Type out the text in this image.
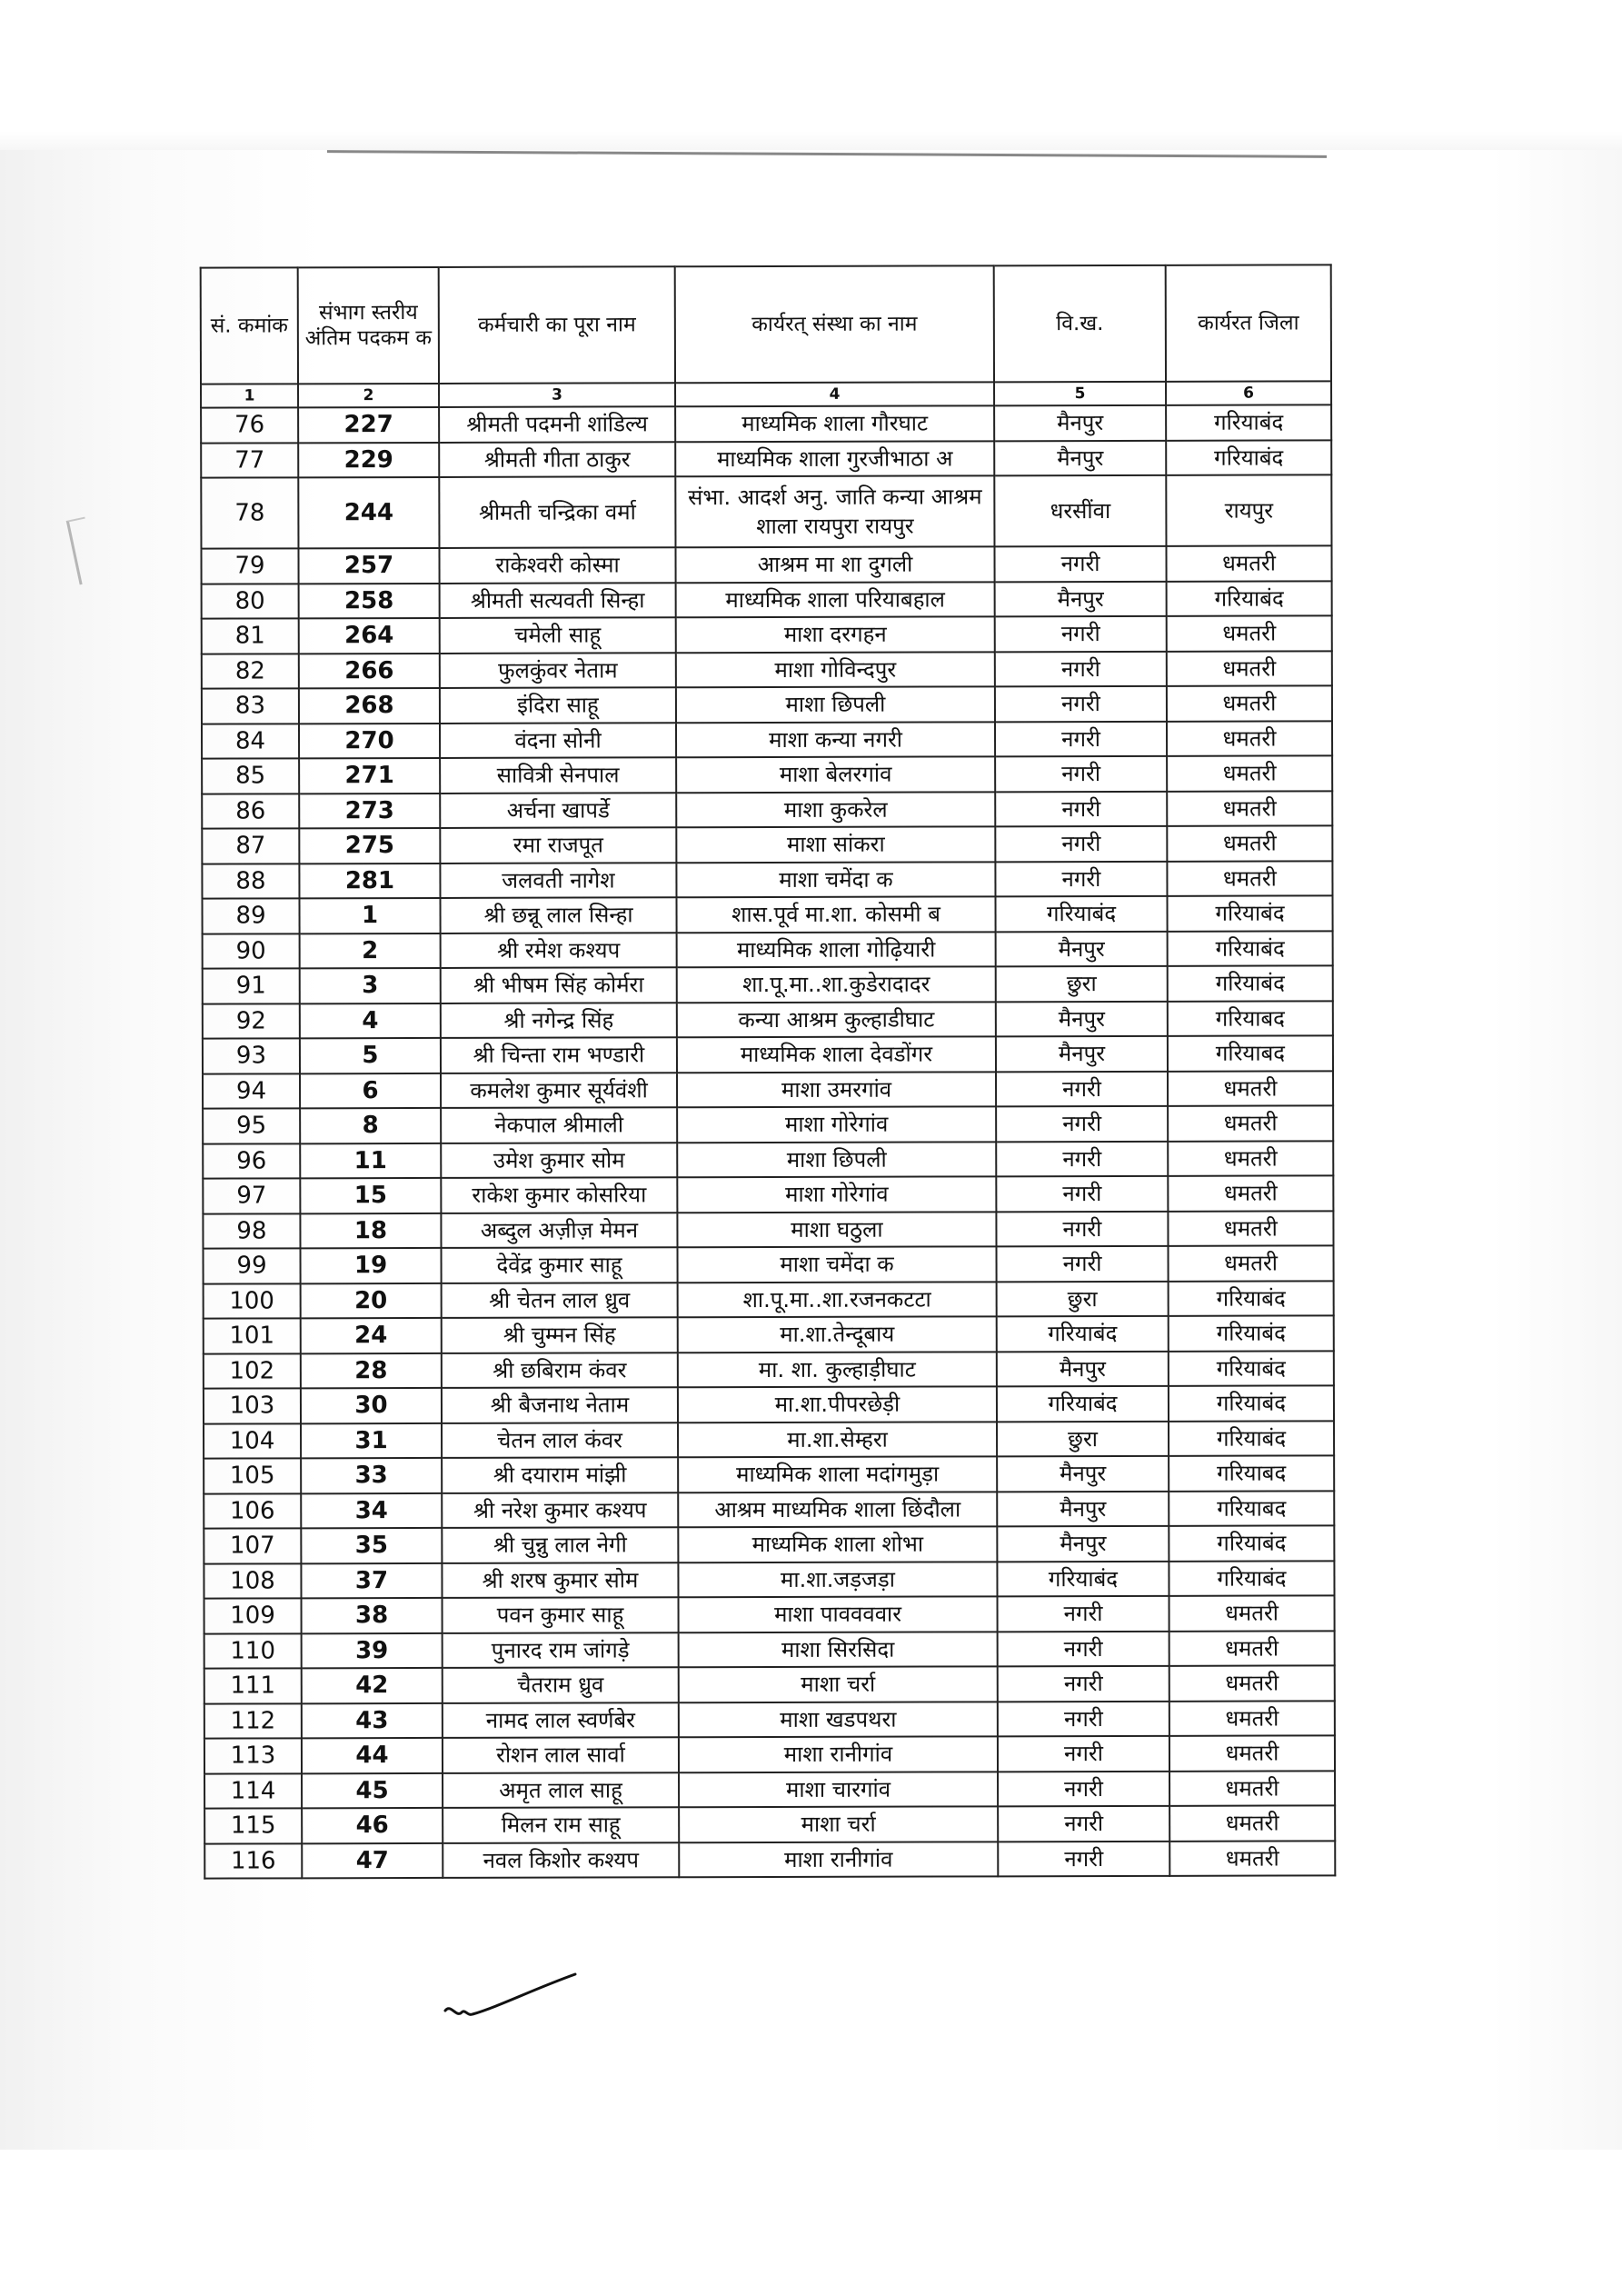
सं. कमांक	संभाग स्तरीय अंतिम पदकम क	कर्मचारी का पूरा नाम	कार्यरत् संस्था का नाम	वि.ख.	कार्यरत जिला
1	2	3	4	5	6
76	227	श्रीमती पदमनी शांडिल्य	माध्यमिक शाला गौरघाट	मैनपुर	गरियाबंद
77	229	श्रीमती गीता ठाकुर	माध्यमिक शाला गुरजीभाठा अ	मैनपुर	गरियाबंद
78	244	श्रीमती चन्द्रिका वर्मा	संभा. आदर्श अनु. जाति कन्या आश्रम शाला रायपुरा रायपुर	धरसींवा	रायपुर
79	257	राकेश्वरी कोस्मा	आश्रम मा शा दुगली	नगरी	धमतरी
80	258	श्रीमती सत्यवती सिन्हा	माध्यमिक शाला परियाबहाल	मैनपुर	गरियाबंद
81	264	चमेली साहू	माशा दरगहन	नगरी	धमतरी
82	266	फुलकुंवर नेताम	माशा गोविन्दपुर	नगरी	धमतरी
83	268	इंदिरा साहू	माशा छिपली	नगरी	धमतरी
84	270	वंदना सोनी	माशा कन्या नगरी	नगरी	धमतरी
85	271	सावित्री सेनपाल	माशा बेलरगांव	नगरी	धमतरी
86	273	अर्चना खापर्डे	माशा कुकरेल	नगरी	धमतरी
87	275	रमा राजपूत	माशा सांकरा	नगरी	धमतरी
88	281	जलवती नागेश	माशा चमेंदा क	नगरी	धमतरी
89	1	श्री छन्नू लाल सिन्हा	शास.पूर्व मा.शा. कोसमी ब	गरियाबंद	गरियाबंद
90	2	श्री रमेश कश्यप	माध्यमिक शाला गोढ़ियारी	मैनपुर	गरियाबंद
91	3	श्री भीषम सिंह कोर्मरा	शा.पू.मा..शा.कुडेरादादर	छुरा	गरियाबंद
92	4	श्री नगेन्द्र सिंह	कन्या आश्रम कुल्हाडीघाट	मैनपुर	गरियाबद
93	5	श्री चिन्ता राम भण्डारी	माध्यमिक शाला देवडोंगर	मैनपुर	गरियाबद
94	6	कमलेश कुमार सूर्यवंशी	माशा उमरगांव	नगरी	धमतरी
95	8	नेकपाल श्रीमाली	माशा गोरेगांव	नगरी	धमतरी
96	11	उमेश कुमार सोम	माशा छिपली	नगरी	धमतरी
97	15	राकेश कुमार कोसरिया	माशा गोरेगांव	नगरी	धमतरी
98	18	अब्दुल अज़ीज़ मेमन	माशा घठुला	नगरी	धमतरी
99	19	देवेंद्र कुमार साहू	माशा चमेंदा क	नगरी	धमतरी
100	20	श्री चेतन लाल ध्रुव	शा.पू.मा..शा.रजनकटटा	छुरा	गरियाबंद
101	24	श्री चुम्मन सिंह	मा.शा.तेन्दूबाय	गरियाबंद	गरियाबंद
102	28	श्री छबिराम कंवर	मा. शा. कुल्हाड़ीघाट	मैनपुर	गरियाबंद
103	30	श्री बैजनाथ नेताम	मा.शा.पीपरछेड़ी	गरियाबंद	गरियाबंद
104	31	चेतन लाल कंवर	मा.शा.सेम्हरा	छुरा	गरियाबंद
105	33	श्री दयाराम मांझी	माध्यमिक शाला मदांगमुड़ा	मैनपुर	गरियाबद
106	34	श्री नरेश कुमार कश्यप	आश्रम माध्यमिक शाला छिंदौला	मैनपुर	गरियाबद
107	35	श्री चुन्नु लाल नेगी	माध्यमिक शाला शोभा	मैनपुर	गरियाबंद
108	37	श्री शरष कुमार सोम	मा.शा.जड़जड़ा	गरियाबंद	गरियाबंद
109	38	पवन कुमार साहू	माशा पाववववार	नगरी	धमतरी
110	39	पुनारद राम जांगड़े	माशा सिरसिदा	नगरी	धमतरी
111	42	चैतराम ध्रुव	माशा चर्रा	नगरी	धमतरी
112	43	नामद लाल स्वर्णबेर	माशा खडपथरा	नगरी	धमतरी
113	44	रोशन लाल सार्वा	माशा रानीगांव	नगरी	धमतरी
114	45	अमृत लाल साहू	माशा चारगांव	नगरी	धमतरी
115	46	मिलन राम साहू	माशा चर्रा	नगरी	धमतरी
116	47	नवल किशोर कश्यप	माशा रानीगांव	नगरी	धमतरी
